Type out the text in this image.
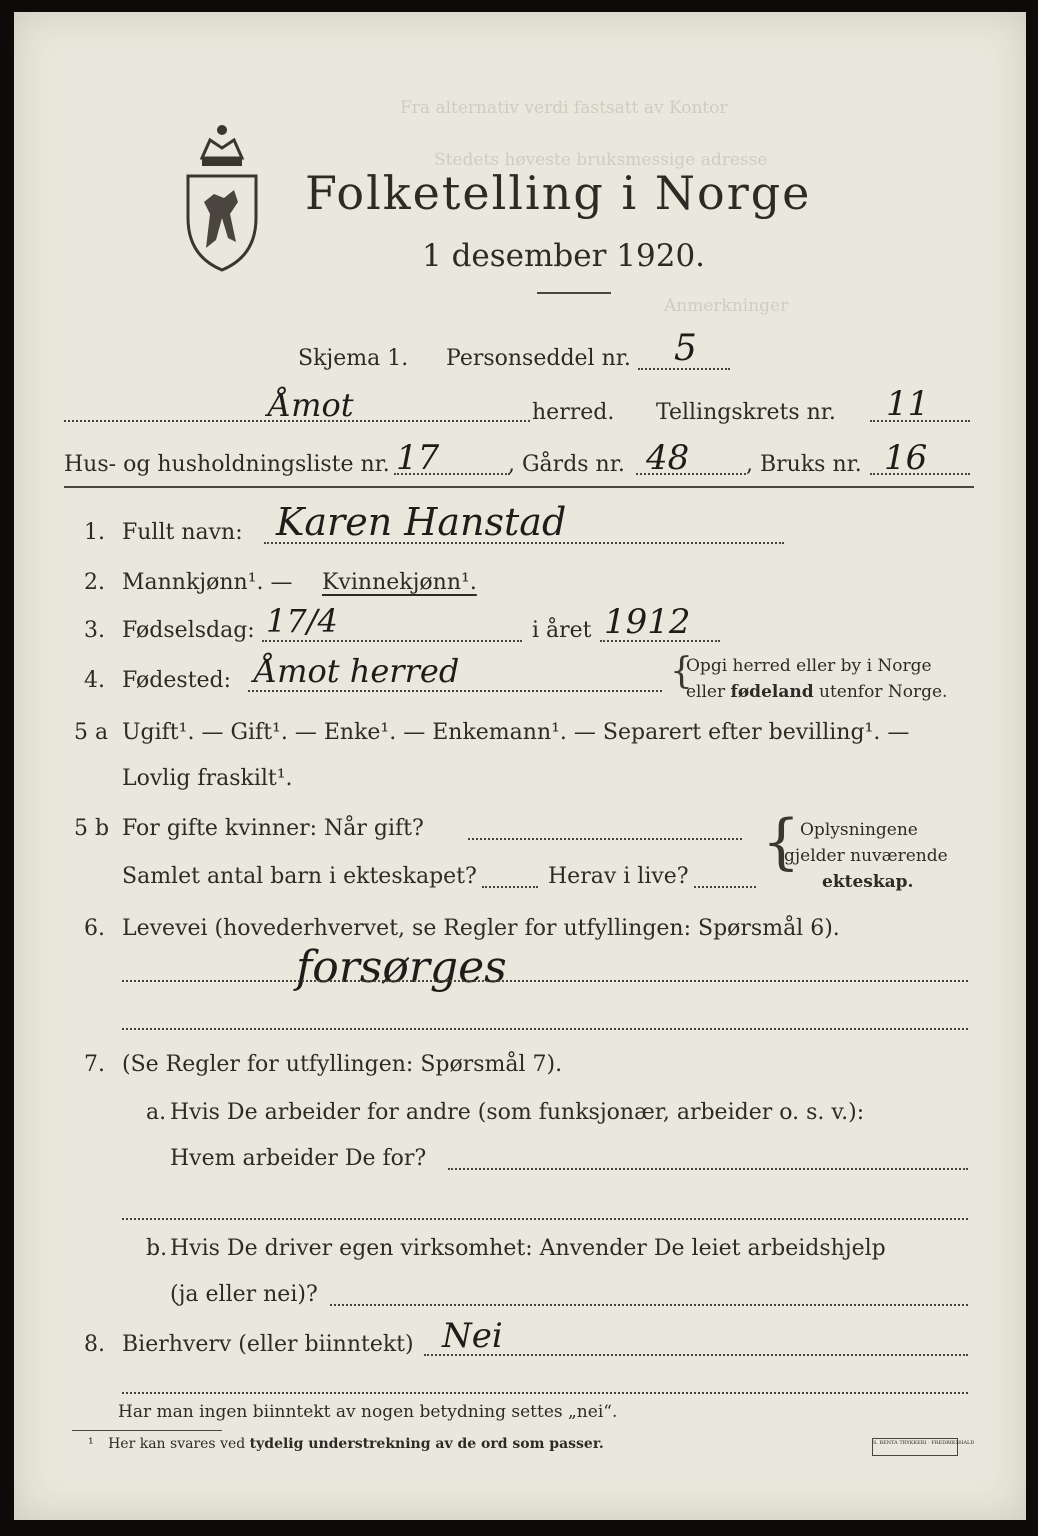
Folketelling i Norge
1 desember 1920.
Fra alternativ verdi fastsatt av Kontor
Stedets høveste bruksmessige adresse
Anmerkninger
Skjema 1. Personseddel nr. 5
Åmot	herred. Tellingskrets nr. 11
Hus- og husholdningsliste nr. 17	, Gårds nr. 48	, Bruks nr. 16
1. Fullt navn: Karen Hanstad
2. Mannkjønn¹. — Kvinnekjønn¹.
3. Fødselsdag: 17/4	i året 1912
4. Fødested: Åmot herred	{
Opgi herred eller by i Norge
eller fødeland utenfor Norge.
5 a Ugift¹. — Gift¹. — Enke¹. — Enkemann¹. — Separert efter bevilling¹. —
Lovlig fraskilt¹.
5 b For gifte kvinner: Når gift?
Samlet antal barn i ekteskapet?	Herav i live? { Oplysningene
gjelder nuværende
ekteskap.
6. Levevei (hovederhvervet, se Regler for utfyllingen: Spørsmål 6).
forsørges
7. (Se Regler for utfyllingen: Spørsmål 7).
a. Hvis De arbeider for andre (som funksjonær, arbeider o. s. v.):
Hvem arbeider De for?
b. Hvis De driver egen virksomhet: Anvender De leiet arbeidshjelp
(ja eller nei)?
8. Bierhverv (eller biinntekt) Nei
Har man ingen biinntekt av nogen betydning settes „nei“.
¹ Her kan svares ved tydelig understrekning av de ord som passer.	S. BENTA TRYKKERI · FREDRIKSHALD
